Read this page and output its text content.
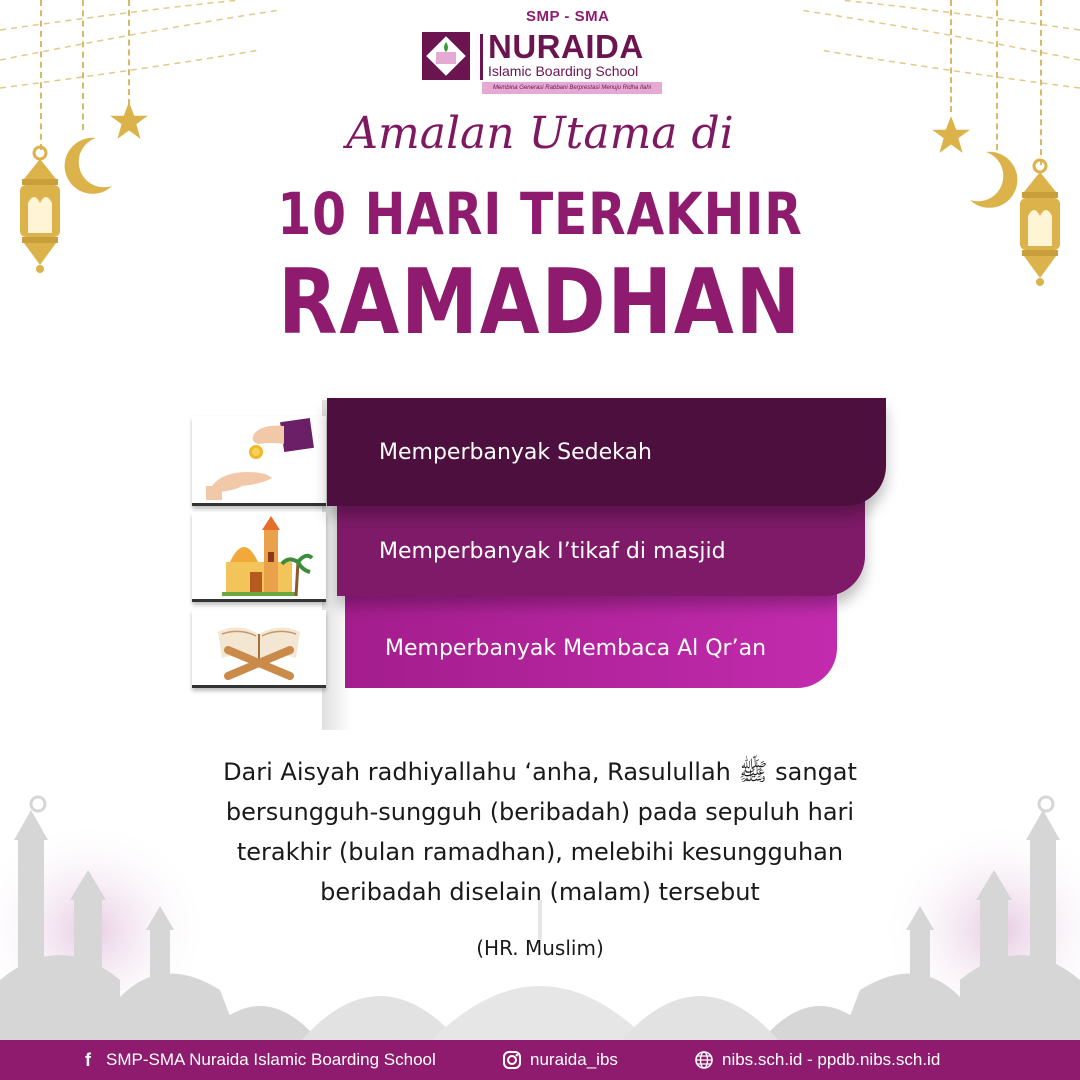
SMP - SMA
NURAIDA
Islamic Boarding School
Membina Generasi Rabbani Berprestasi Menuju Ridha Ilahi
Amalan Utama di
10 HARI TERAKHIR
RAMADHAN
Memperbanyak Sedekah
Memperbanyak I’tikaf di masjid
Memperbanyak Membaca Al Qr’an
Dari Aisyah radhiyallahu ‘anha, Rasulullah ﷺ sangat
bersungguh-sungguh (beribadah) pada sepuluh hari
terakhir (bulan ramadhan), melebihi kesungguhan
beribadah diselain (malam) tersebut
(HR. Muslim)
f SMP-SMA Nuraida Islamic Boarding School	nuraida_ibs	nibs.sch.id - ppdb.nibs.sch.id
